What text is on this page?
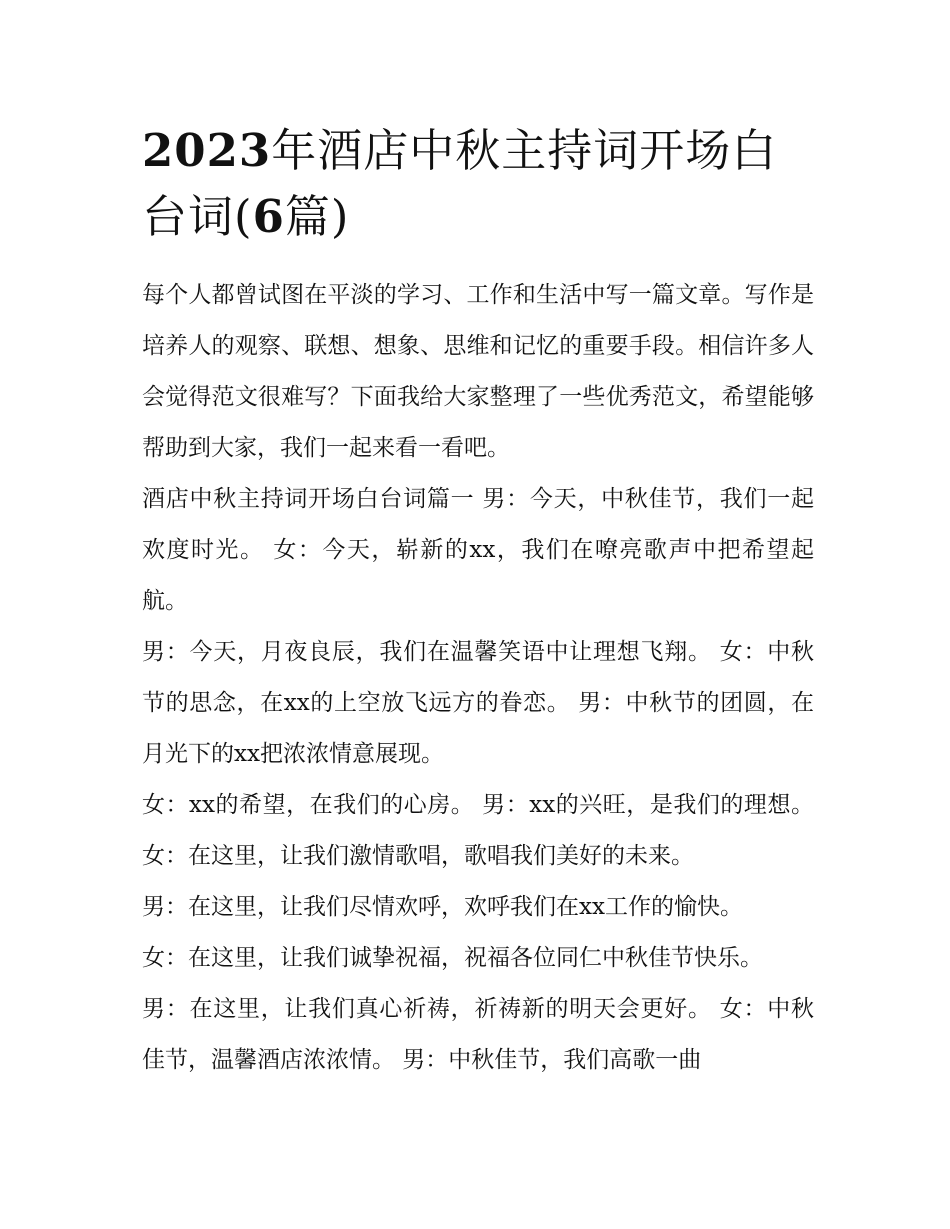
2023年酒店中秋主持词开场白台词(6篇)

每个人都曾试图在平淡的学习、工作和生活中写一篇文章。写作是培养人的观察、联想、想象、思维和记忆的重要手段。相信许多人会觉得范文很难写？下面我给大家整理了一些优秀范文，希望能够帮助到大家，我们一起来看一看吧。

酒店中秋主持词开场白台词篇一 男：今天，中秋佳节，我们一起欢度时光。 女：今天，崭新的xx，我们在嘹亮歌声中把希望起航。

男：今天，月夜良辰，我们在温馨笑语中让理想飞翔。 女：中秋节的思念，在xx的上空放飞远方的眷恋。 男：中秋节的团圆，在月光下的xx把浓浓情意展现。

女：xx的希望，在我们的心房。 男：xx的兴旺，是我们的理想。 女：在这里，让我们激情歌唱，歌唱我们美好的未来。

男：在这里，让我们尽情欢呼，欢呼我们在xx工作的愉快。

女：在这里，让我们诚挚祝福，祝福各位同仁中秋佳节快乐。

男：在这里，让我们真心祈祷，祈祷新的明天会更好。 女：中秋佳节，温馨酒店浓浓情。 男：中秋佳节，我们高歌一曲
